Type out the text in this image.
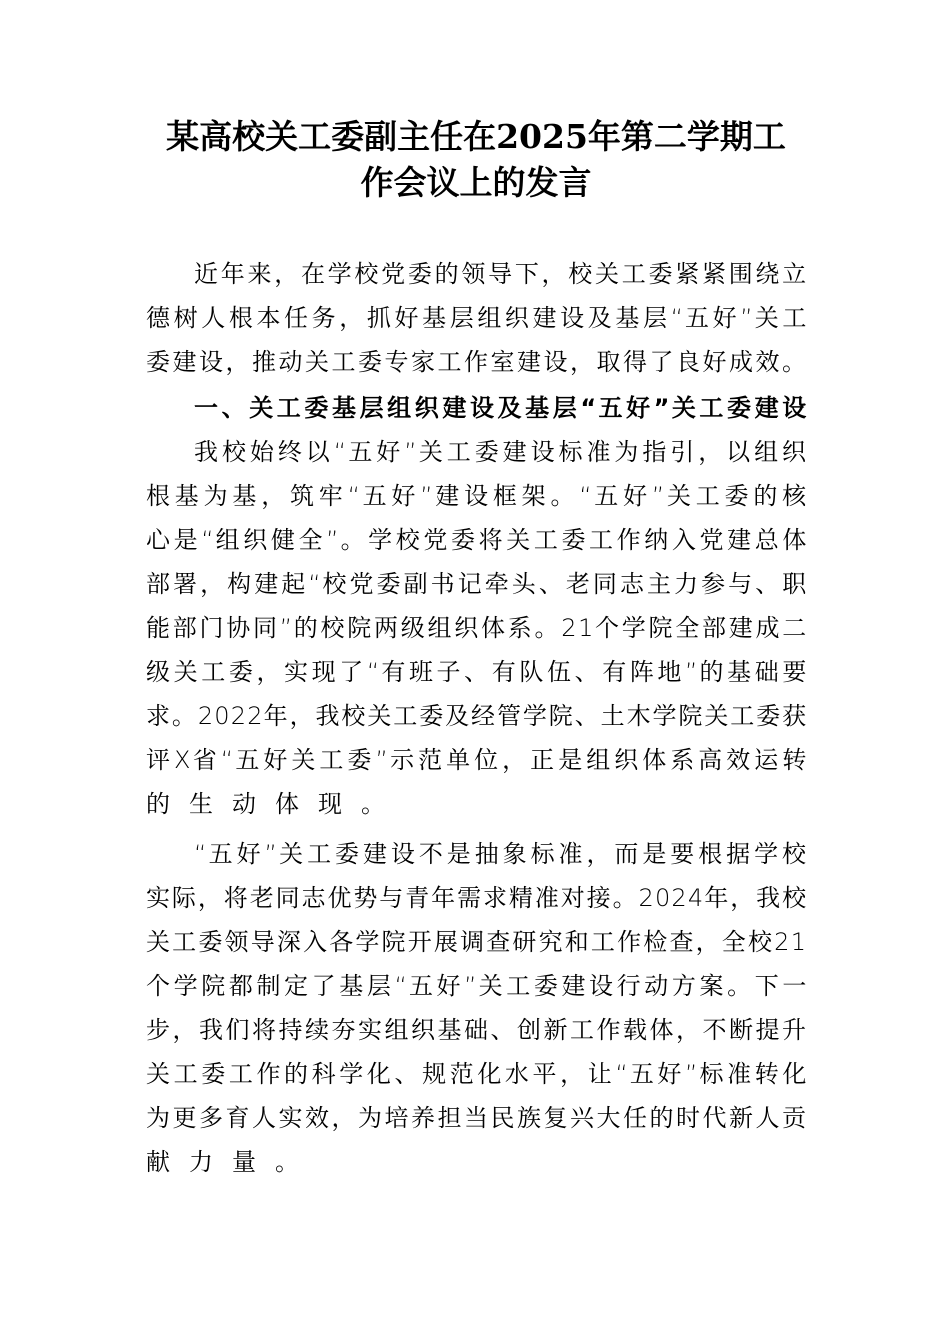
某高校关工委副主任在2025年第二学期工
作会议上的发言
近 年 来 ， 在 学 校 党 委 的 领 导 下 ， 校 关 工 委 紧 紧 围 绕 立
德 树 人 根 本 任 务 ， 抓 好 基 层 组 织 建 设 及 基 层 “ 五 好 ” 关 工
委 建 设 ， 推 动 关 工 委 专 家 工 作 室 建 设 ， 取 得 了 良 好 成 效 。
一 、 关 工 委 基 层 组 织 建 设 及 基 层 “ 五 好 ” 关 工 委 建 设
我 校 始 终 以 “ 五 好 ” 关 工 委 建 设 标 准 为 指 引 ， 以 组 织
根 基 为 基 ， 筑 牢 “ 五 好 ” 建 设 框 架 。 “ 五 好 ” 关 工 委 的 核
心 是 “ 组 织 健 全 ” 。 学 校 党 委 将 关 工 委 工 作 纳 入 党 建 总 体
部 署 ， 构 建 起 “ 校 党 委 副 书 记 牵 头 、 老 同 志 主 力 参 与 、 职
能 部 门 协 同 ” 的 校 院 两 级 组 织 体 系 。 2 1 个 学 院 全 部 建 成 二
级 关 工 委 ， 实 现 了 “ 有 班 子 、 有 队 伍 、 有 阵 地 ” 的 基 础 要
求 。 2 0 2 2 年 ， 我 校 关 工 委 及 经 管 学 院 、 土 木 学 院 关 工 委 获
评 X 省 “ 五 好 关 工 委 ” 示 范 单 位 ， 正 是 组 织 体 系 高 效 运 转
的生动体现。
“ 五 好 ” 关 工 委 建 设 不 是 抽 象 标 准 ， 而 是 要 根 据 学 校
实 际 ， 将 老 同 志 优 势 与 青 年 需 求 精 准 对 接 。 2 0 2 4 年 ， 我 校
关 工 委 领 导 深 入 各 学 院 开 展 调 查 研 究 和 工 作 检 查 ， 全 校 2 1
个 学 院 都 制 定 了 基 层 “ 五 好 ” 关 工 委 建 设 行 动 方 案 。 下 一
步 ， 我 们 将 持 续 夯 实 组 织 基 础 、 创 新 工 作 载 体 ， 不 断 提 升
关 工 委 工 作 的 科 学 化 、 规 范 化 水 平 ， 让 “ 五 好 ” 标 准 转 化
为 更 多 育 人 实 效 ， 为 培 养 担 当 民 族 复 兴 大 任 的 时 代 新 人 贡
献力量。
